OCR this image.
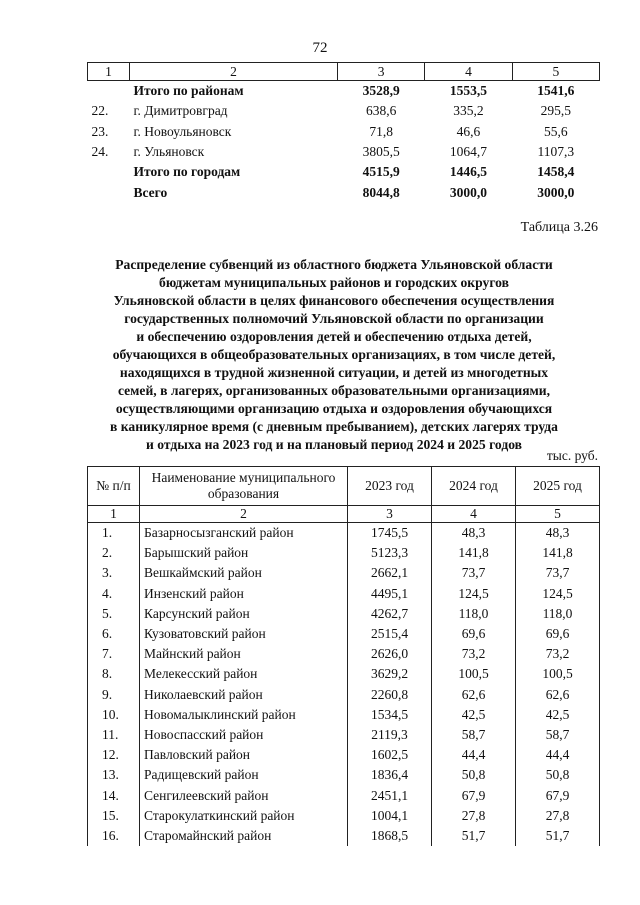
72
1	2	3	4	5
	Итого по районам	3528,9	1553,5	1541,6
22.	г. Димитровград	638,6	335,2	295,5
23.	г. Новоульяновск	71,8	46,6	55,6
24.	г. Ульяновск	3805,5	1064,7	1107,3
	Итого по городам	4515,9	1446,5	1458,4
	Всего	8044,8	3000,0	3000,0
Таблица 3.26
Распределение субвенций из областного бюджета Ульяновской области
бюджетам муниципальных районов и городских округов
Ульяновской области в целях финансового обеспечения осуществления
государственных полномочий Ульяновской области по организации
и обеспечению оздоровления детей и обеспечению отдыха детей,
обучающихся в общеобразовательных организациях, в том числе детей,
находящихся в трудной жизненной ситуации, и детей из многодетных
семей, в лагерях, организованных образовательными организациями,
осуществляющими организацию отдыха и оздоровления обучающихся
в каникулярное время (с дневным пребыванием), детских лагерях труда
и отдыха на 2023 год и на плановый период 2024 и 2025 годов
тыс. руб.
№ п/п	Наименование муниципального образования	2023 год	2024 год	2025 год
1	2	3	4	5
1.	Базарносызганский район	1745,5	48,3	48,3
2.	Барышский район	5123,3	141,8	141,8
3.	Вешкаймский район	2662,1	73,7	73,7
4.	Инзенский район	4495,1	124,5	124,5
5.	Карсунский район	4262,7	118,0	118,0
6.	Кузоватовский район	2515,4	69,6	69,6
7.	Майнский район	2626,0	73,2	73,2
8.	Мелекесский район	3629,2	100,5	100,5
9.	Николаевский район	2260,8	62,6	62,6
10.	Новомалыклинский район	1534,5	42,5	42,5
11.	Новоспасский район	2119,3	58,7	58,7
12.	Павловский район	1602,5	44,4	44,4
13.	Радищевский район	1836,4	50,8	50,8
14.	Сенгилеевский район	2451,1	67,9	67,9
15.	Старокулаткинский район	1004,1	27,8	27,8
16.	Старомайнский район	1868,5	51,7	51,7
